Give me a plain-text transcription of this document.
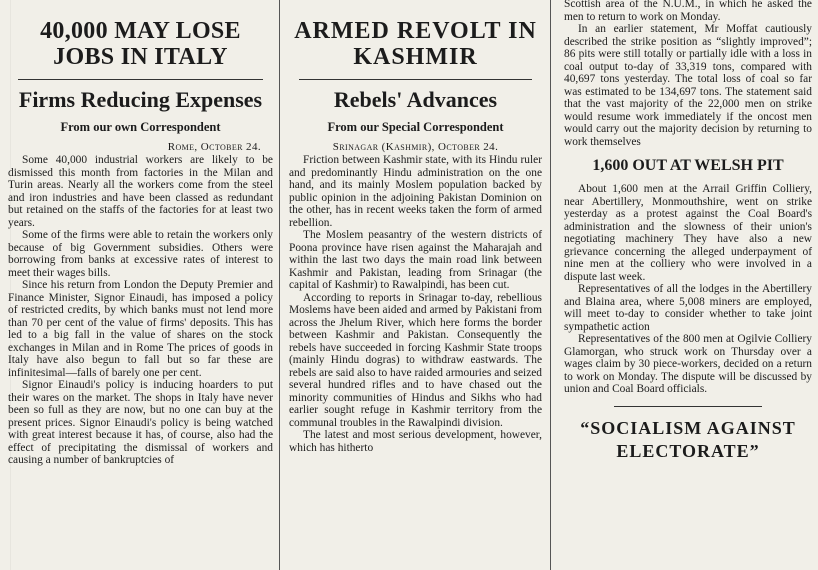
40,000 MAY LOSE JOBS IN ITALY
Firms Reducing Expenses
From our own Correspondent
Rome, October 24.

Some 40,000 industrial workers are likely to be dismissed this month from factories in the Milan and Turin areas. Nearly all the workers come from the steel and iron industries and have been classed as redundant but retained on the staffs of the factories for at least two years.

Some of the firms were able to retain the workers only because of big Government subsidies. Others were borrowing from banks at excessive rates of interest to meet their wages bills.

Since his return from London the Deputy Premier and Finance Minister, Signor Einaudi, has imposed a policy of restricted credits, by which banks must not lend more than 70 per cent of the value of firms' deposits. This has led to a big fall in the value of shares on the stock exchanges in Milan and in Rome The prices of goods in Italy have also begun to fall but so far these are infinitesimal—falls of barely one per cent.

Signor Einaudi's policy is inducing hoarders to put their wares on the market. The shops in Italy have never been so full as they are now, but no one can buy at the present prices. Signor Einaudi's policy is being watched with great interest because it has, of course, also had the effect of precipitating the dismissal of workers and causing a number of bankruptcies of

ARMED REVOLT IN KASHMIR
Rebels' Advances
From our Special Correspondent
Srinagar (Kashmir), October 24.

Friction between Kashmir state, with its Hindu ruler and predominantly Hindu administration on the one hand, and its mainly Moslem population backed by public opinion in the adjoining Pakistan Dominion on the other, has in recent weeks taken the form of armed rebellion.

The Moslem peasantry of the western districts of Poona province have risen against the Maharajah and within the last two days the main road link between Kashmir and Pakistan, leading from Srinagar (the capital of Kashmir) to Rawalpindi, has been cut.

According to reports in Srinagar to-day, rebellious Moslems have been aided and armed by Pakistani from across the Jhelum River, which here forms the border between Kashmir and Pakistan. Consequently the rebels have succeeded in forcing Kashmir State troops (mainly Hindu dogras) to withdraw eastwards. The rebels are said also to have raided armouries and seized several hundred rifles and to have chased out the minority communities of Hindus and Sikhs who had earlier sought refuge in Kashmir territory from the communal troubles in the Rawalpindi division.

The latest and most serious development, however, which has hitherto

Scottish area of the N.U.M., in which he asked the men to return to work on Monday.

In an earlier statement, Mr Moffat cautiously described the strike position as “slightly improved”; 86 pits were still totally or partially idle with a loss in coal output to-day of 33,319 tons, compared with 40,697 tons yesterday. The total loss of coal so far was estimated to be 134,697 tons. The statement said that the vast majority of the 22,000 men on strike would resume work immediately if the oncost men would carry out the majority decision by returning to work themselves

1,600 OUT AT WELSH PIT

About 1,600 men at the Arrail Griffin Colliery, near Abertillery, Monmouthshire, went on strike yesterday as a protest against the Coal Board's administration and the slowness of their union's negotiating machinery They have also a new grievance concerning the alleged underpayment of nine men at the colliery who were involved in a dispute last week.

Representatives of all the lodges in the Abertillery and Blaina area, where 5,008 miners are employed, will meet to-day to consider whether to take joint sympathetic action

Representatives of the 800 men at Ogilvie Colliery Glamorgan, who struck work on Thursday over a wages claim by 30 piece-workers, decided on a return to work on Monday. The dispute will be discussed by union and Coal Board officials.

“SOCIALISM AGAINST ELECTORATE”
